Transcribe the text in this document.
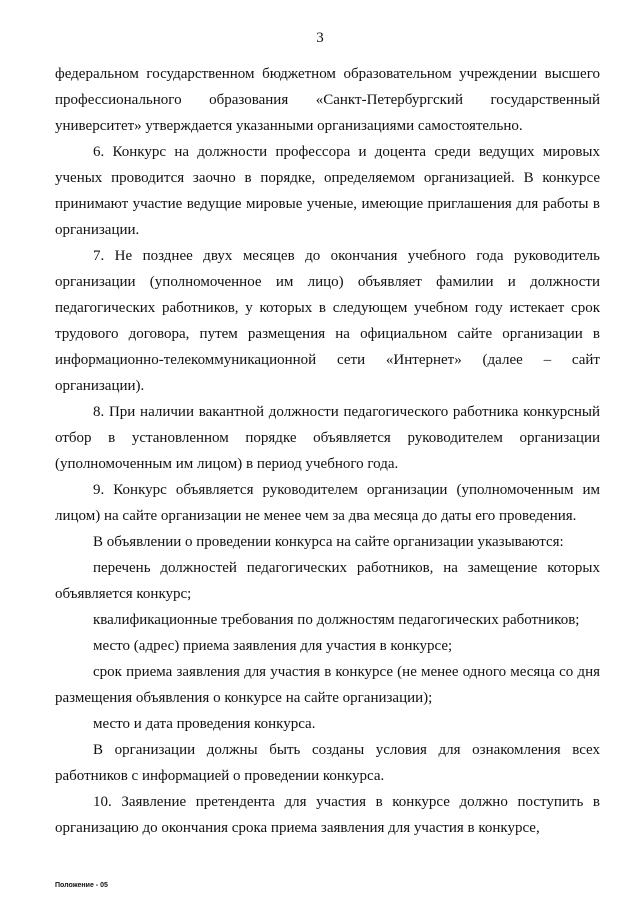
3

федеральном государственном бюджетном образовательном учреждении высшего профессионального образования «Санкт-Петербургский государственный университет» утверждается указанными организациями самостоятельно.

6. Конкурс на должности профессора и доцента среди ведущих мировых ученых проводится заочно в порядке, определяемом организацией. В конкурсе принимают участие ведущие мировые ученые, имеющие приглашения для работы в организации.

7. Не позднее двух месяцев до окончания учебного года руководитель организации (уполномоченное им лицо) объявляет фамилии и должности педагогических работников, у которых в следующем учебном году истекает срок трудового договора, путем размещения на официальном сайте организации в информационно-телекоммуникационной сети «Интернет» (далее – сайт организации).

8. При наличии вакантной должности педагогического работника конкурсный отбор в установленном порядке объявляется руководителем организации (уполномоченным им лицом) в период учебного года.

9. Конкурс объявляется руководителем организации (уполномоченным им лицом) на сайте организации не менее чем за два месяца до даты его проведения.

В объявлении о проведении конкурса на сайте организации указываются:

перечень должностей педагогических работников, на замещение которых объявляется конкурс;

квалификационные требования по должностям педагогических работников;

место (адрес) приема заявления для участия в конкурсе;

срок приема заявления для участия в конкурсе (не менее одного месяца со дня размещения объявления о конкурсе на сайте организации);

место и дата проведения конкурса.

В организации должны быть созданы условия для ознакомления всех работников с информацией о проведении конкурса.

10. Заявление претендента для участия в конкурсе должно поступить в организацию до окончания срока приема заявления для участия в конкурсе,

Положение - 05
